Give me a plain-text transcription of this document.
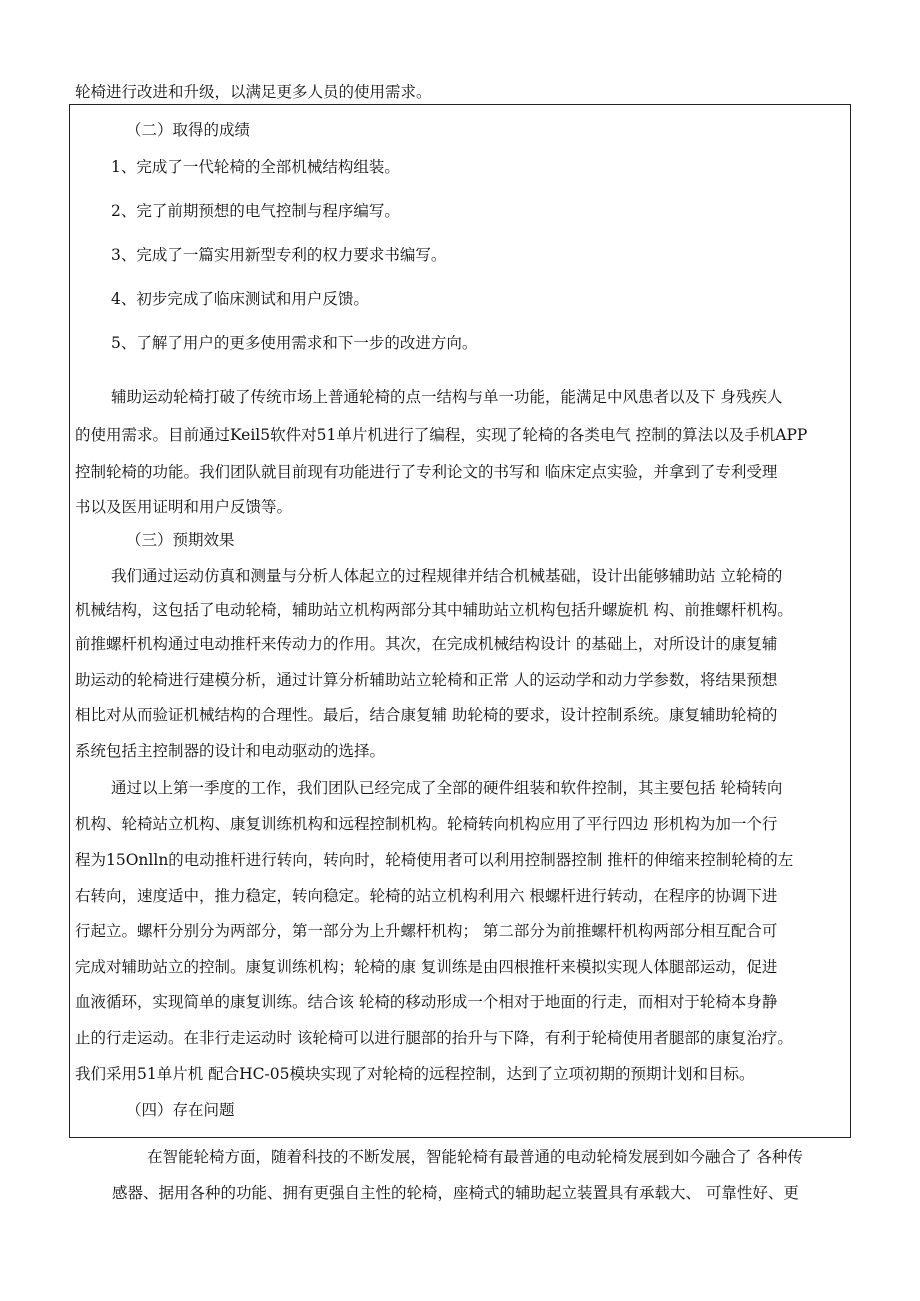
轮椅进行改进和升级，以满足更多人员的使用需求。
（二）取得的成绩
1、完成了一代轮椅的全部机械结构组装。
2、完了前期预想的电气控制与程序编写。
3、完成了一篇实用新型专利的权力要求书编写。
4、初步完成了临床测试和用户反馈。
5、了解了用户的更多使用需求和下一步的改进方向。
辅助运动轮椅打破了传统市场上普通轮椅的点一结构与单一功能，能满足中风患者以及下 身残疾人
的使用需求。目前通过Keil5软件对51单片机进行了编程，实现了轮椅的各类电气 控制的算法以及手机APP
控制轮椅的功能。我们团队就目前现有功能进行了专利论文的书写和 临床定点实验，并拿到了专利受理
书以及医用证明和用户反馈等。
（三）预期效果
我们通过运动仿真和测量与分析人体起立的过程规律并结合机械基础，设计出能够辅助站 立轮椅的
机械结构，这包括了电动轮椅，辅助站立机构两部分其中辅助站立机构包括升螺旋机 构、前推螺杆机构。
前推螺杆机构通过电动推杆来传动力的作用。其次，在完成机械结构设计 的基础上，对所设计的康复辅
助运动的轮椅进行建模分析，通过计算分析辅助站立轮椅和正常 人的运动学和动力学参数，将结果预想
相比对从而验证机械结构的合理性。最后，结合康复辅 助轮椅的要求，设计控制系统。康复辅助轮椅的
系统包括主控制器的设计和电动驱动的选择。
通过以上第一季度的工作，我们团队已经完成了全部的硬件组装和软件控制，其主要包括 轮椅转向
机构、轮椅站立机构、康复训练机构和远程控制机构。轮椅转向机构应用了平行四边 形机构为加一个行
程为15Onlln的电动推杆进行转向，转向时，轮椅使用者可以利用控制器控制 推杆的伸缩来控制轮椅的左
右转向，速度适中，推力稳定，转向稳定。轮椅的站立机构利用六 根螺杆进行转动，在程序的协调下进
行起立。螺杆分别分为两部分，第一部分为上升螺杆机构； 第二部分为前推螺杆机构两部分相互配合可
完成对辅助站立的控制。康复训练机构；轮椅的康 复训练是由四根推杆来模拟实现人体腿部运动，促进
血液循环，实现简单的康复训练。结合该 轮椅的移动形成一个相对于地面的行走，而相对于轮椅本身静
止的行走运动。在非行走运动时 该轮椅可以进行腿部的抬升与下降，有利于轮椅使用者腿部的康复治疗。
我们采用51单片机 配合HC-05模块实现了对轮椅的远程控制，达到了立项初期的预期计划和目标。
（四）存在问题
在智能轮椅方面，随着科技的不断发展，智能轮椅有最普通的电动轮椅发展到如今融合了 各种传
感器、据用各种的功能、拥有更强自主性的轮椅，座椅式的辅助起立装置具有承载大、 可靠性好、更
